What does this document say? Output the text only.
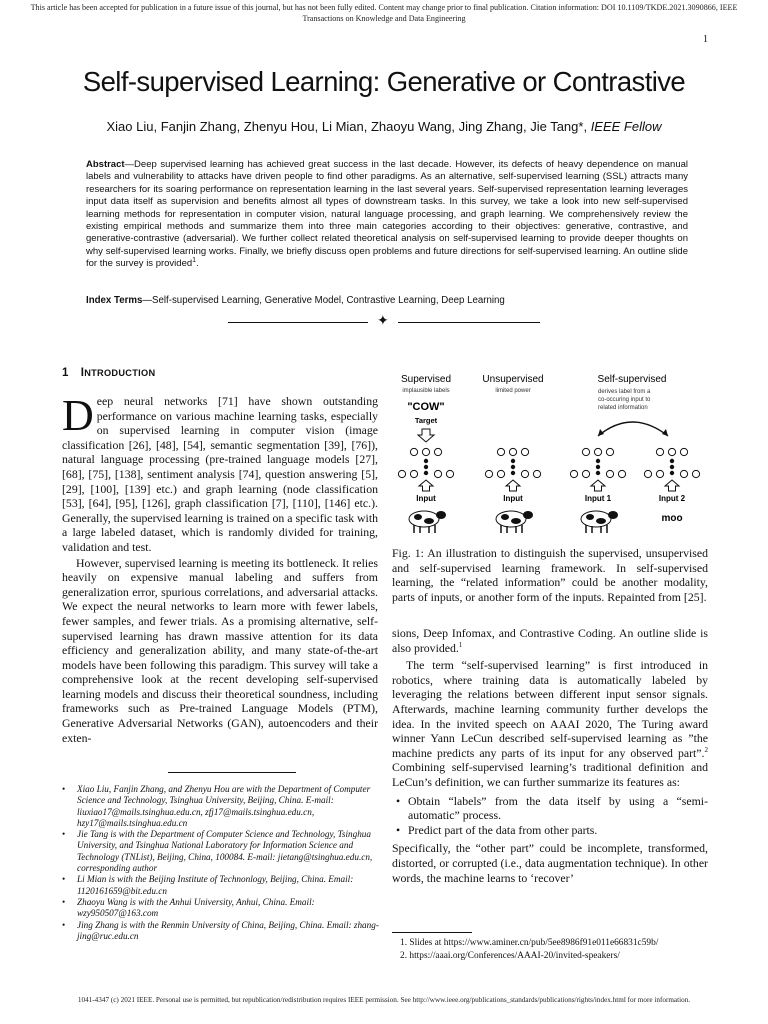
This article has been accepted for publication in a future issue of this journal, but has not been fully edited. Content may change prior to final publication. Citation information: DOI 10.1109/TKDE.2021.3090866, IEEE
Transactions on Knowledge and Data Engineering
1
Self-supervised Learning: Generative or Contrastive
Xiao Liu, Fanjin Zhang, Zhenyu Hou, Li Mian, Zhaoyu Wang, Jing Zhang, Jie Tang*, IEEE Fellow
Abstract—Deep supervised learning has achieved great success in the last decade. However, its defects of heavy dependence on manual labels and vulnerability to attacks have driven people to find other paradigms. As an alternative, self-supervised learning (SSL) attracts many researchers for its soaring performance on representation learning in the last several years. Self-supervised representation learning leverages input data itself as supervision and benefits almost all types of downstream tasks. In this survey, we take a look into new self-supervised learning methods for representation in computer vision, natural language processing, and graph learning. We comprehensively review the existing empirical methods and summarize them into three main categories according to their objectives: generative, contrastive, and generative-contrastive (adversarial). We further collect related theoretical analysis on self-supervised learning to provide deeper thoughts on why self-supervised learning works. Finally, we briefly discuss open problems and future directions for self-supervised learning. An outline slide for the survey is provided$^1$.
Index Terms—Self-supervised Learning, Generative Model, Contrastive Learning, Deep Learning
✦
1 INTRODUCTION

Deep neural networks [71] have shown outstanding performance on various machine learning tasks, especially on supervised learning in computer vision (image classification [26], [48], [54], semantic segmentation [39], [76]), natural language processing (pre-trained language models [27], [68], [75], [138], sentiment analysis [74], question answering [5], [29], [100], [139] etc.) and graph learning (node classification [53], [64], [95], [126], graph classification [7], [110], [146] etc.). Generally, the supervised learning is trained on a specific task with a large labeled dataset, which is randomly divided for training, validation and test.

However, supervised learning is meeting its bottleneck. It relies heavily on expensive manual labeling and suffers from generalization error, spurious correlations, and adversarial attacks. We expect the neural networks to learn more with fewer labels, fewer samples, and fewer trials. As a promising alternative, self-supervised learning has drawn massive attention for its data efficiency and generalization ability, and many state-of-the-art models have been following this paradigm. This survey will take a comprehensive look at the recent developing self-supervised learning models and discuss their theoretical soundness, including frameworks such as Pre-trained Language Models (PTM), Generative Adversarial Networks (GAN), autoencoders and their exten-

• Xiao Liu, Fanjin Zhang, and Zhenyu Hou are with the Department of Computer Science and Technology, Tsinghua University, Beijing, China. E-mail: liuxiao17@mails.tsinghua.edu.cn, zfj17@mails.tsinghua.edu.cn, hzy17@mails.tsinghua.edu.cn
• Jie Tang is with the Department of Computer Science and Technology, Tsinghua University, and Tsinghua National Laboratory for Information Science and Technology (TNList), Beijing, China, 100084. E-mail: jietang@tsinghua.edu.cn, corresponding author
• Li Mian is with the Beijing Institute of Technonlogy, Beijing, China. Email: 1120161659@bit.edu.cn
• Zhaoyu Wang is with the Anhui University, Anhui, China. Email: wzy950507@163.com
• Jing Zhang is with the Renmin University of China, Beijing, China. Email: zhang-jing@ruc.edu.cn
Supervised
implausible labels
"COW"
Target
Unsupervised
limited power
Self-supervised
derives label from a
co-occuring input to
related information
Input	Input	Input 1	Input 2
moo
Fig. 1: An illustration to distinguish the supervised, unsupervised and self-supervised learning framework. In self-supervised learning, the “related information” could be another modality, parts of inputs, or another form of the inputs. Repainted from [25].

sions, Deep Infomax, and Contrastive Coding. An outline slide is also provided.$^1$

The term “self-supervised learning” is first introduced in robotics, where training data is automatically labeled by leveraging the relations between different input sensor signals. Afterwards, machine learning community further develops the idea. In the invited speech on AAAI 2020, The Turing award winner Yann LeCun described self-supervised learning as ”the machine predicts any parts of its input for any observed part”.$^2$ Combining self-supervised learning’s traditional definition and LeCun’s definition, we can further summarize its features as:

• Obtain “labels” from the data itself by using a “semi-automatic” process.
• Predict part of the data from other parts.

Specifically, the “other part” could be incomplete, transformed, distorted, or corrupted (i.e., data augmentation technique). In other words, the machine learns to ‘recover’

1. Slides at https://www.aminer.cn/pub/5ee8986f91e011e66831c59b/
2. https://aaai.org/Conferences/AAAI-20/invited-speakers/
1041-4347 (c) 2021 IEEE. Personal use is permitted, but republication/redistribution requires IEEE permission. See http://www.ieee.org/publications_standards/publications/rights/index.html for more information.
